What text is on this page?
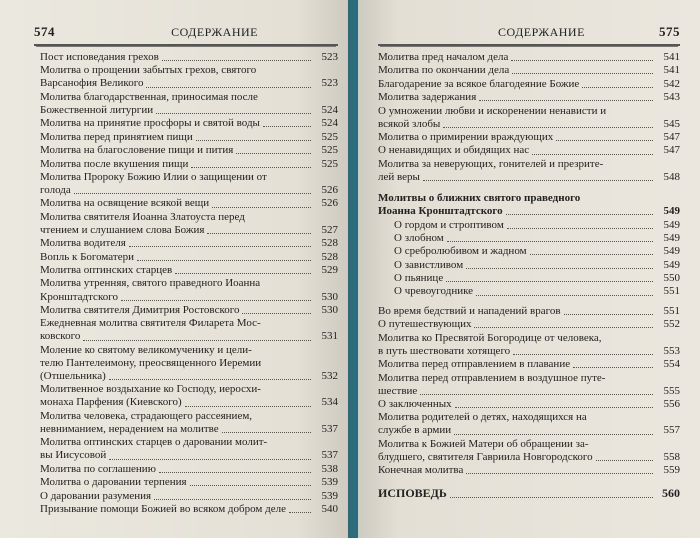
574	СОДЕРЖАНИЕ
Пост исповедания грехов	523
Молитва о прощении забытых грехов, святого
Варсанофия Великого	523
Молитва благодарственная, приносимая после
Божественной литургии	524
Молитва на принятие просфоры и святой воды	524
Молитва перед принятием пищи	525
Молитва на благословение пищи и пития	525
Молитва после вкушения пищи	525
Молитва Пророку Божию Илии о защищении от
голода	526
Молитва на освящение всякой вещи	526
Молитва святителя Иоанна Златоуста перед
чтением и слушанием слова Божия	527
Молитва водителя	528
Вопль к Богоматери	528
Молитва оптинских старцев	529
Молитва утренняя, святого праведного Иоанна
Кронштадтского	530
Молитва святителя Димитрия Ростовского	530
Ежедневная молитва святителя Филарета Мос-
ковского	531
Моление ко святому великомученику и цели-
телю Пантелеимону, преосвященного Иеремии
(Отшельника)	532
Молитвенное воздыхание ко Господу, иеросхи-
монаха Парфения (Киевского)	534
Молитва человека, страдающего рассеянием,
невниманием, нерадением на молитве	537
Молитва оптинских старцев о даровании молит-
вы Иисусовой	537
Молитва по соглашению	538
Молитва о даровании терпения	539
О даровании разумения	539
Призывание помощи Божией во всяком добром деле	540
СОДЕРЖАНИЕ	575
Молитва пред началом дела	541
Молитва по окончании дела	541
Благодарение за всякое благодеяние Божие	542
Молитва задержания	543
О умножении любви и искоренении ненависти и
всякой злобы	545
Молитва о примирении враждующих	547
О ненавидящих и обидящих нас	547
Молитва за неверующих, гонителей и презрите-
лей веры	548
Молитвы о ближних святого праведного
Иоанна Кронштадтского	549
О гордом и строптивом	549
О злобном	549
О сребролюбивом и жадном	549
О завистливом	549
О пьянице	550
О чревоугоднике	551
Во время бедствий и нападений врагов	551
О путешествующих	552
Молитва ко Пресвятой Богородице от человека,
в путь шествовати хотящего	553
Молитва перед отправлением в плавание	554
Молитва перед отправлением в воздушное путе-
шествие	555
О заключенных	556
Молитва родителей о детях, находящихся на
службе в армии	557
Молитва к Божией Матери об обращении за-
блудшего, святителя Гавриила Новгородского	558
Конечная молитва	559
ИСПОВЕДЬ	560
